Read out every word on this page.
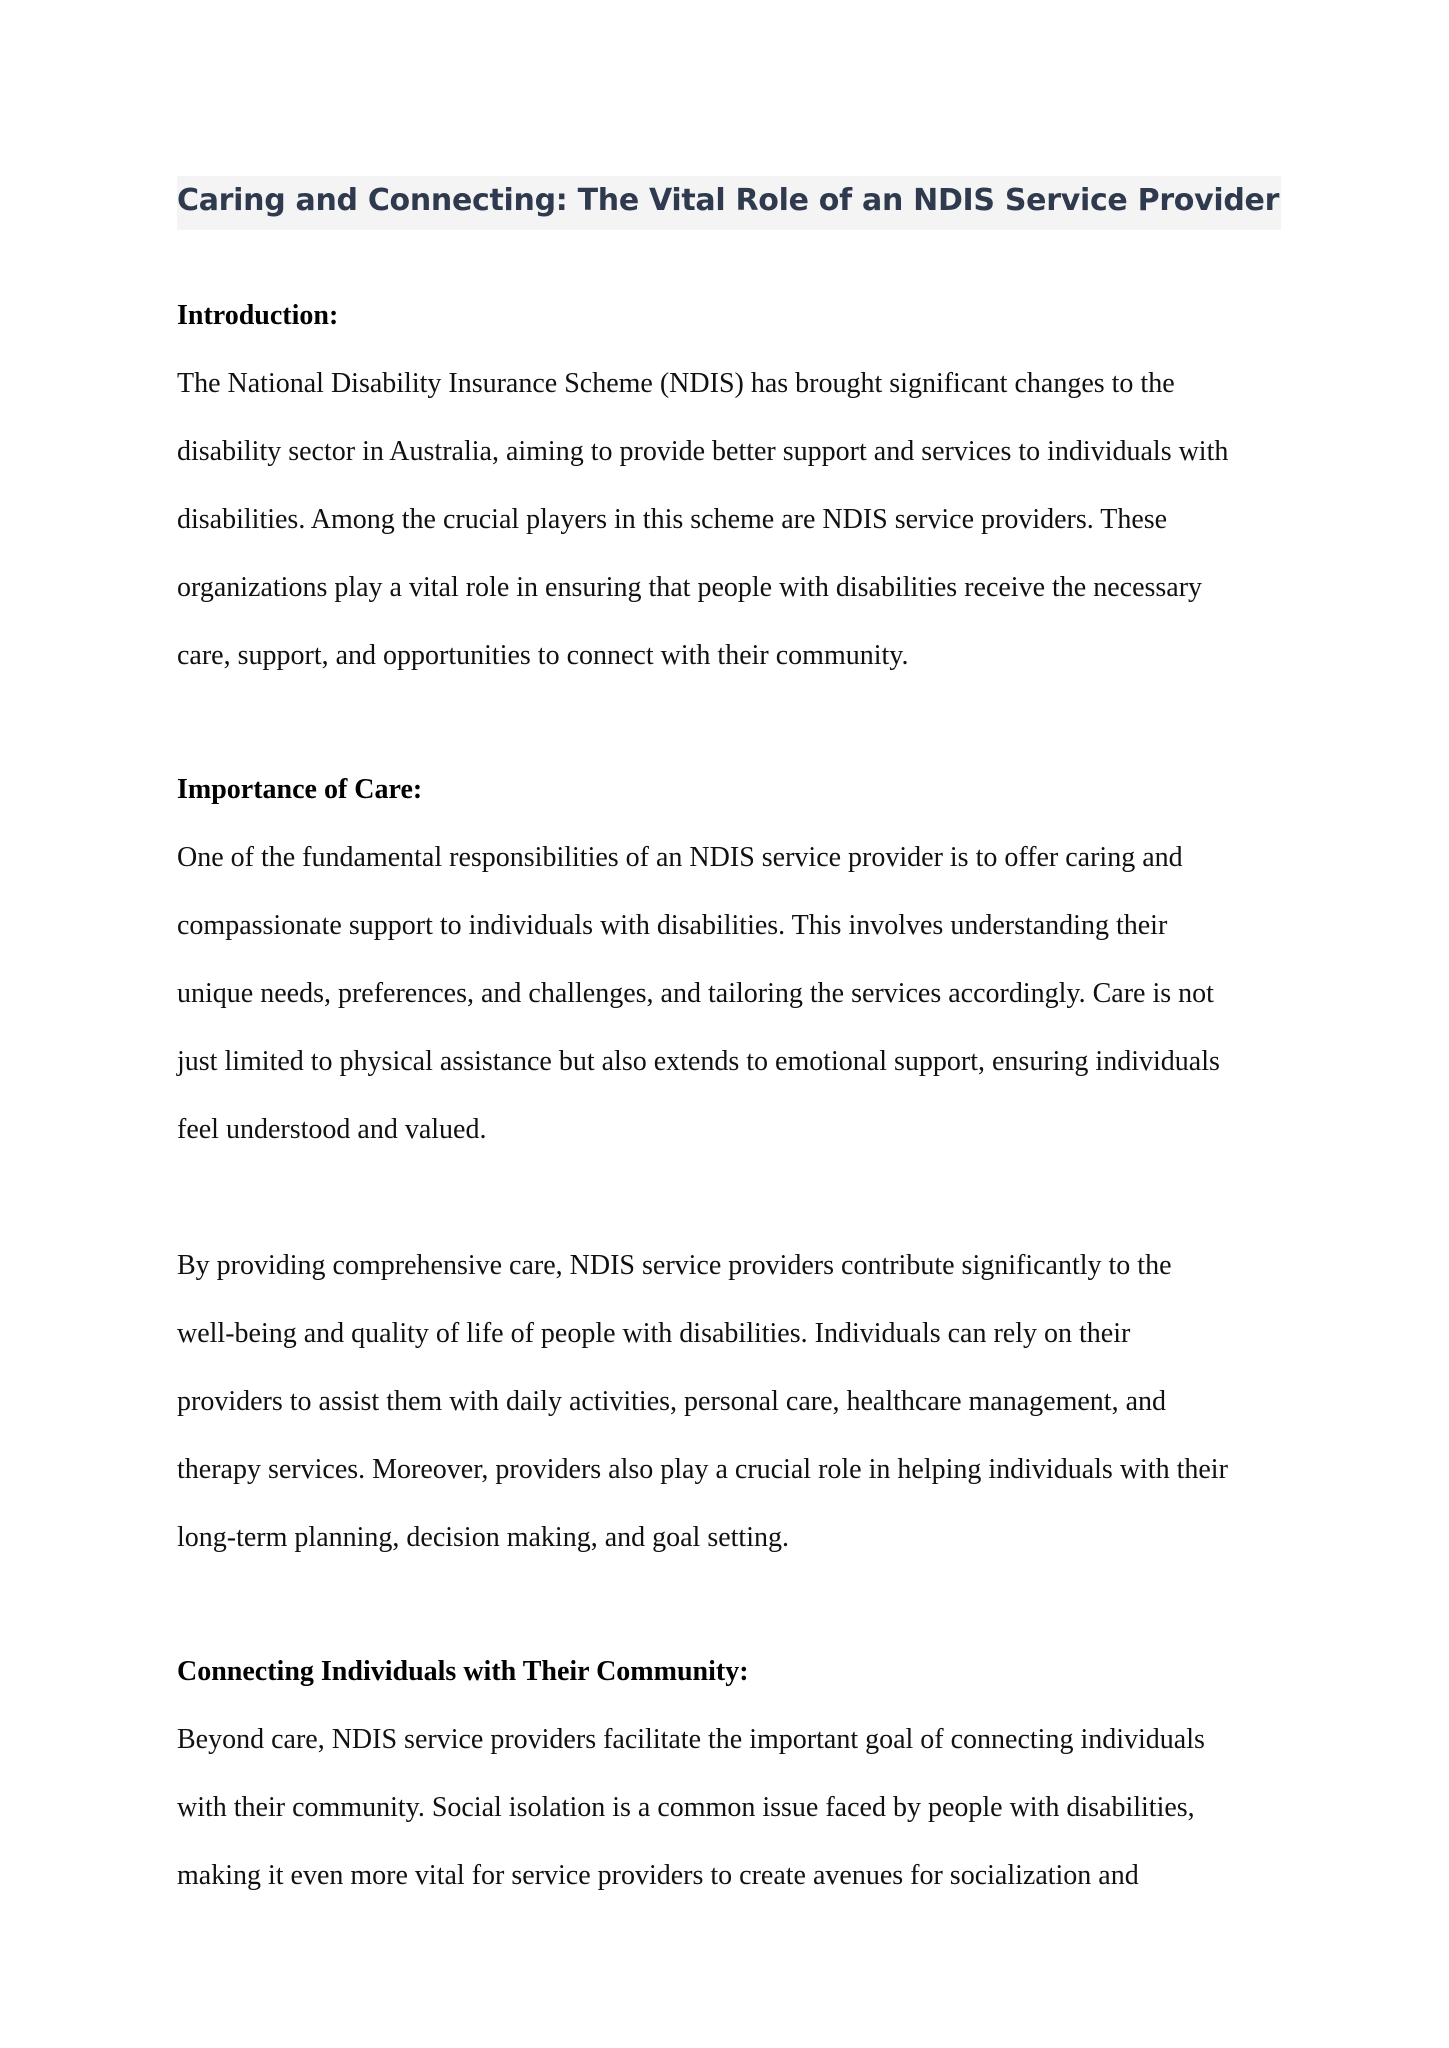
Caring and Connecting: The Vital Role of an NDIS Service Provider
Introduction:

The National Disability Insurance Scheme (NDIS) has brought significant changes to the
disability sector in Australia, aiming to provide better support and services to individuals with
disabilities. Among the crucial players in this scheme are NDIS service providers. These
organizations play a vital role in ensuring that people with disabilities receive the necessary
care, support, and opportunities to connect with their community.

Importance of Care:

One of the fundamental responsibilities of an NDIS service provider is to offer caring and
compassionate support to individuals with disabilities. This involves understanding their
unique needs, preferences, and challenges, and tailoring the services accordingly. Care is not
just limited to physical assistance but also extends to emotional support, ensuring individuals
feel understood and valued.

By providing comprehensive care, NDIS service providers contribute significantly to the
well-being and quality of life of people with disabilities. Individuals can rely on their
providers to assist them with daily activities, personal care, healthcare management, and
therapy services. Moreover, providers also play a crucial role in helping individuals with their
long-term planning, decision making, and goal setting.

Connecting Individuals with Their Community:

Beyond care, NDIS service providers facilitate the important goal of connecting individuals
with their community. Social isolation is a common issue faced by people with disabilities,
making it even more vital for service providers to create avenues for socialization and
